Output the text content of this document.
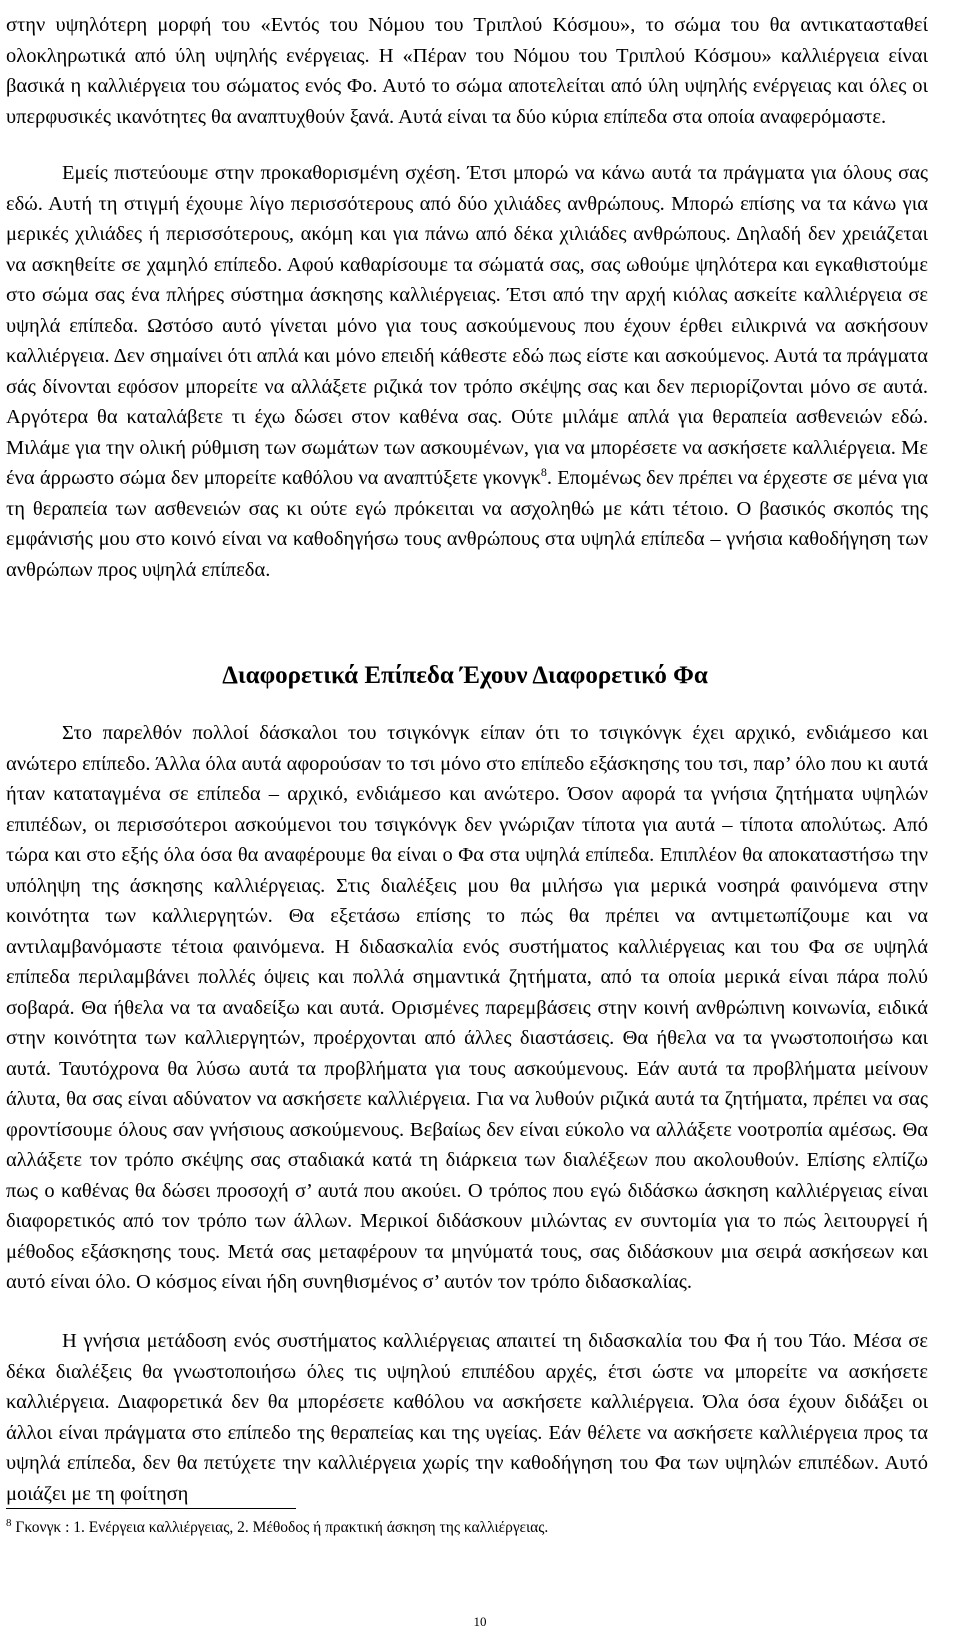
στην υψηλότερη μορφή του «Εντός του Νόμου του Τριπλού Κόσμου», το σώμα του θα αντικατασταθεί ολοκληρωτικά από ύλη υψηλής ενέργειας. Η «Πέραν του Νόμου του Τριπλού Κόσμου» καλλιέργεια είναι βασικά η καλλιέργεια του σώματος ενός Φο. Αυτό το σώμα αποτελείται από ύλη υψηλής ενέργειας και όλες οι υπερφυσικές ικανότητες θα αναπτυχθούν ξανά. Αυτά είναι τα δύο κύρια επίπεδα στα οποία αναφερόμαστε.

Εμείς πιστεύουμε στην προκαθορισμένη σχέση. Έτσι μπορώ να κάνω αυτά τα πράγματα για όλους σας εδώ. Αυτή τη στιγμή έχουμε λίγο περισσότερους από δύο χιλιάδες ανθρώπους. Μπορώ επίσης να τα κάνω για μερικές χιλιάδες ή περισσότερους, ακόμη και για πάνω από δέκα χιλιάδες ανθρώπους. Δηλαδή δεν χρειάζεται να ασκηθείτε σε χαμηλό επίπεδο. Αφού καθαρίσουμε τα σώματά σας, σας ωθούμε ψηλότερα και εγκαθιστούμε στο σώμα σας ένα πλήρες σύστημα άσκησης καλλιέργειας. Έτσι από την αρχή κιόλας ασκείτε καλλιέργεια σε υψηλά επίπεδα. Ωστόσο αυτό γίνεται μόνο για τους ασκούμενους που έχουν έρθει ειλικρινά να ασκήσουν καλλιέργεια. Δεν σημαίνει ότι απλά και μόνο επειδή κάθεστε εδώ πως είστε και ασκούμενος. Αυτά τα πράγματα σάς δίνονται εφόσον μπορείτε να αλλάξετε ριζικά τον τρόπο σκέψης σας και δεν περιορίζονται μόνο σε αυτά. Αργότερα θα καταλάβετε τι έχω δώσει στον καθένα σας. Ούτε μιλάμε απλά για θεραπεία ασθενειών εδώ. Μιλάμε για την ολική ρύθμιση των σωμάτων των ασκουμένων, για να μπορέσετε να ασκήσετε καλλιέργεια. Με ένα άρρωστο σώμα δεν μπορείτε καθόλου να αναπτύξετε γκονγκ$^8$. Επομένως δεν πρέπει να έρχεστε σε μένα για τη θεραπεία των ασθενειών σας κι ούτε εγώ πρόκειται να ασχοληθώ με κάτι τέτοιο. Ο βασικός σκοπός της εμφάνισής μου στο κοινό είναι να καθοδηγήσω τους ανθρώπους στα υψηλά επίπεδα – γνήσια καθοδήγηση των ανθρώπων προς υψηλά επίπεδα.

Διαφορετικά Επίπεδα Έχουν Διαφορετικό Φα

Στο παρελθόν πολλοί δάσκαλοι του τσιγκόνγκ είπαν ότι το τσιγκόνγκ έχει αρχικό, ενδιάμεσο και ανώτερο επίπεδο. Άλλα όλα αυτά αφορούσαν το τσι μόνο στο επίπεδο εξάσκησης του τσι, παρ’ όλο που κι αυτά ήταν καταταγμένα σε επίπεδα – αρχικό, ενδιάμεσο και ανώτερο. Όσον αφορά τα γνήσια ζητήματα υψηλών επιπέδων, οι περισσότεροι ασκούμενοι του τσιγκόνγκ δεν γνώριζαν τίποτα για αυτά – τίποτα απολύτως. Από τώρα και στο εξής όλα όσα θα αναφέρουμε θα είναι ο Φα στα υψηλά επίπεδα. Επιπλέον θα αποκαταστήσω την υπόληψη της άσκησης καλλιέργειας. Στις διαλέξεις μου θα μιλήσω για μερικά νοσηρά φαινόμενα στην κοινότητα των καλλιεργητών. Θα εξετάσω επίσης το πώς θα πρέπει να αντιμετωπίζουμε και να αντιλαμβανόμαστε τέτοια φαινόμενα. Η διδασκαλία ενός συστήματος καλλιέργειας και του Φα σε υψηλά επίπεδα περιλαμβάνει πολλές όψεις και πολλά σημαντικά ζητήματα, από τα οποία μερικά είναι πάρα πολύ σοβαρά. Θα ήθελα να τα αναδείξω και αυτά. Ορισμένες παρεμβάσεις στην κοινή ανθρώπινη κοινωνία, ειδικά στην κοινότητα των καλλιεργητών, προέρχονται από άλλες διαστάσεις. Θα ήθελα να τα γνωστοποιήσω και αυτά. Ταυτόχρονα θα λύσω αυτά τα προβλήματα για τους ασκούμενους. Εάν αυτά τα προβλήματα μείνουν άλυτα, θα σας είναι αδύνατον να ασκήσετε καλλιέργεια. Για να λυθούν ριζικά αυτά τα ζητήματα, πρέπει να σας φροντίσουμε όλους σαν γνήσιους ασκούμενους. Βεβαίως δεν είναι εύκολο να αλλάξετε νοοτροπία αμέσως. Θα αλλάξετε τον τρόπο σκέψης σας σταδιακά κατά τη διάρκεια των διαλέξεων που ακολουθούν. Επίσης ελπίζω πως ο καθένας θα δώσει προσοχή σ’ αυτά που ακούει. Ο τρόπος που εγώ διδάσκω άσκηση καλλιέργειας είναι διαφορετικός από τον τρόπο των άλλων. Μερικοί διδάσκουν μιλώντας εν συντομία για το πώς λειτουργεί ή μέθοδος εξάσκησης τους. Μετά σας μεταφέρουν τα μηνύματά τους, σας διδάσκουν μια σειρά ασκήσεων και αυτό είναι όλο. Ο κόσμος είναι ήδη συνηθισμένος σ’ αυτόν τον τρόπο διδασκαλίας.

Η γνήσια μετάδοση ενός συστήματος καλλιέργειας απαιτεί τη διδασκαλία του Φα ή του Τάο. Μέσα σε δέκα διαλέξεις θα γνωστοποιήσω όλες τις υψηλού επιπέδου αρχές, έτσι ώστε να μπορείτε να ασκήσετε καλλιέργεια. Διαφορετικά δεν θα μπορέσετε καθόλου να ασκήσετε καλλιέργεια. Όλα όσα έχουν διδάξει οι άλλοι είναι πράγματα στο επίπεδο της θεραπείας και της υγείας. Εάν θέλετε να ασκήσετε καλλιέργεια προς τα υψηλά επίπεδα, δεν θα πετύχετε την καλλιέργεια χωρίς την καθοδήγηση του Φα των υψηλών επιπέδων. Αυτό μοιάζει με τη φοίτηση

$^8$ Γκονγκ : 1. Ενέργεια καλλιέργειας, 2. Μέθοδος ή πρακτική άσκηση της καλλιέργειας.
10
